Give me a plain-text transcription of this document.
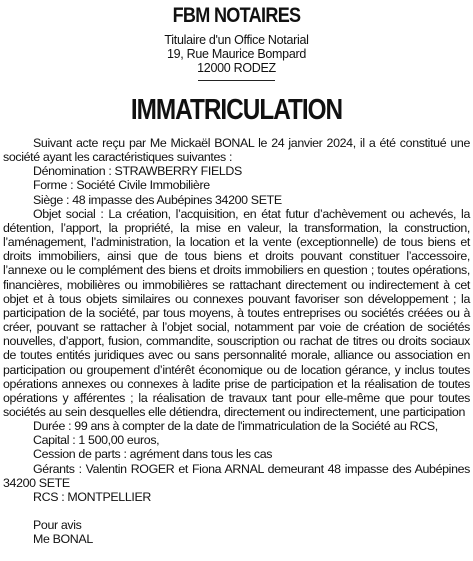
FBM NOTAIRES
Titulaire d'un Office Notarial
19, Rue Maurice Bompard
12000 RODEZ
IMMATRICULATION

Suivant acte reçu par Me Mickaël BONAL le 24 janvier 2024, il a été constitué une société ayant les caractéristiques suivantes :

Dénomination : STRAWBERRY FIELDS

Forme : Société Civile Immobilière

Siège : 48 impasse des Aubépines 34200 SETE

Objet social : La création, l’acquisition, en état futur d’achèvement ou achevés, la détention, l’apport, la propriété, la mise en valeur, la transformation, la construction, l’aménagement, l’administration, la location et la vente (exceptionnelle) de tous biens et droits immobiliers, ainsi que de tous biens et droits pouvant constituer l’accessoire, l’annexe ou le complément des biens et droits immobiliers en question ; toutes opérations, financières, mobilières ou immobilières se rattachant directement ou indirectement à cet objet et à tous objets similaires ou connexes pouvant favoriser son développement ; la participation de la société, par tous moyens, à toutes entreprises ou sociétés créées ou à créer, pouvant se rattacher à l’objet social, notamment par voie de création de sociétés nouvelles, d’apport, fusion, commandite, souscription ou rachat de titres ou droits sociaux de toutes entités juridiques avec ou sans personnalité morale, alliance ou association en participation ou groupement d’intérêt économique ou de location gérance, y inclus toutes opérations annexes ou connexes à ladite prise de participation et la réalisation de toutes opérations y afférentes ; la réalisation de travaux tant pour elle-même que pour toutes sociétés au sein desquelles elle détiendra, directement ou indirectement, une participation

Durée : 99 ans à compter de la date de l'immatriculation de la Société au RCS,

Capital : 1 500,00 euros,

Cession de parts : agrément dans tous les cas

Gérants : Valentin ROGER et Fiona ARNAL demeurant 48 impasse des Aubépines 34200 SETE

RCS : MONTPELLIER

Pour avis

Me BONAL
